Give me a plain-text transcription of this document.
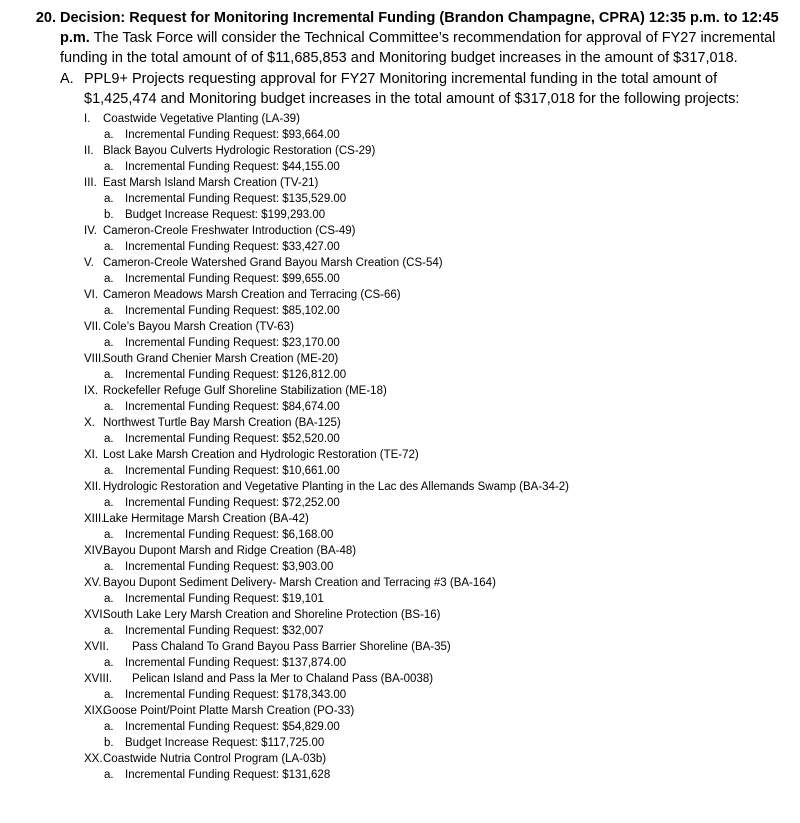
20. Decision: Request for Monitoring Incremental Funding (Brandon Champagne, CPRA) 12:35 p.m. to 12:45 p.m. The Task Force will consider the Technical Committee’s recommendation for approval of FY27 incremental funding in the total amount of of $11,685,853 and Monitoring budget increases in the amount of $317,018.
A. PPL9+ Projects requesting approval for FY27 Monitoring incremental funding in the total amount of $1,425,474 and Monitoring budget increases in the total amount of $317,018 for the following projects:
I.	Coastwide Vegetative Planting (LA-39)
a. Incremental Funding Request: $93,664.00
II. Black Bayou Culverts Hydrologic Restoration (CS-29)
a. Incremental Funding Request: $44,155.00
III. East Marsh Island Marsh Creation (TV-21)
a. Incremental Funding Request: $135,529.00
b. Budget Increase Request: $199,293.00
IV. Cameron-Creole Freshwater Introduction (CS-49)
a. Incremental Funding Request: $33,427.00
V. Cameron-Creole Watershed Grand Bayou Marsh Creation (CS-54)
a. Incremental Funding Request: $99,655.00
VI. Cameron Meadows Marsh Creation and Terracing (CS-66)
a. Incremental Funding Request: $85,102.00
VII. Cole’s Bayou Marsh Creation (TV-63)
a. Incremental Funding Request: $23,170.00
VIII.
South Grand Chenier Marsh Creation (ME-20)
a. Incremental Funding Request: $126,812.00
IX. Rockefeller Refuge Gulf Shoreline Stabilization (ME-18)
a. Incremental Funding Request: $84,674.00
X. Northwest Turtle Bay Marsh Creation (BA-125)
a. Incremental Funding Request: $52,520.00
XI. Lost Lake Marsh Creation and Hydrologic Restoration (TE-72)
a. Incremental Funding Request: $10,661.00
XII. Hydrologic Restoration and Vegetative Planting in the Lac des Allemands Swamp (BA-34-2)
a. Incremental Funding Request: $72,252.00
XIII.
Lake Hermitage Marsh Creation (BA-42)
a. Incremental Funding Request: $6,168.00
XIV.
Bayou Dupont Marsh and Ridge Creation (BA-48)
a. Incremental Funding Request: $3,903.00
XV. Bayou Dupont Sediment Delivery- Marsh Creation and Terracing #3 (BA-164)
a. Incremental Funding Request: $19,101
XVI.
South Lake Lery Marsh Creation and Shoreline Protection (BS-16)
a. Incremental Funding Request: $32,007
XVII.	Pass Chaland To Grand Bayou Pass Barrier Shoreline (BA-35)
a. Incremental Funding Request: $137,874.00
XVIII.	Pelican Island and Pass la Mer to Chaland Pass (BA-0038)
a. Incremental Funding Request: $178,343.00
XIX.
Goose Point/Point Platte Marsh Creation (PO-33)
a. Incremental Funding Request: $54,829.00
b. Budget Increase Request: $117,725.00
XX. Coastwide Nutria Control Program (LA-03b)
a. Incremental Funding Request: $131,628
